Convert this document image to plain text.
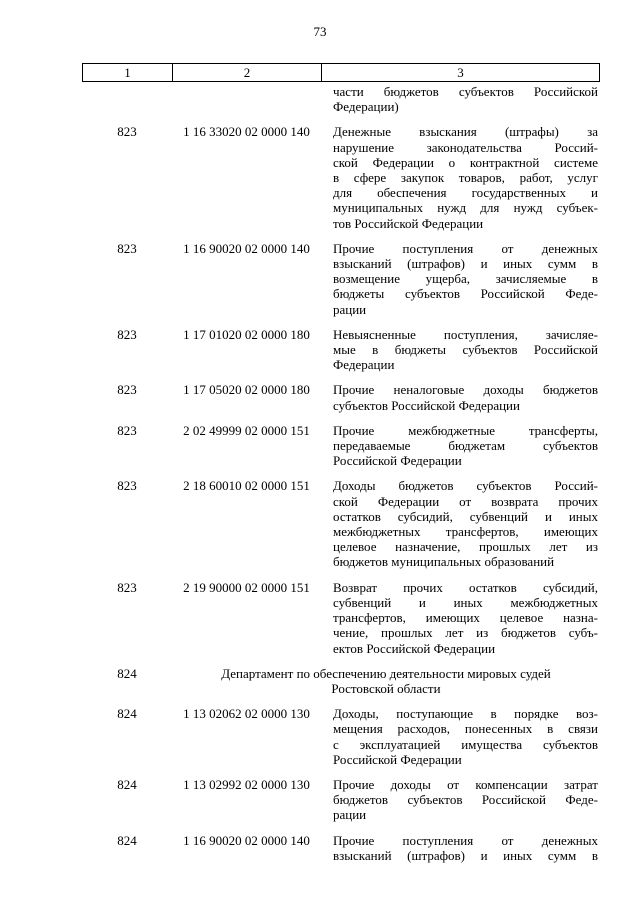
73
1	2	3
части бюджетов субъектов Российской
Федерации)
823	1 16 33020 02 0000 140	Денежные взыскания (штрафы) за
нарушение законодательства Россий-
ской Федерации о контрактной системе
в сфере закупок товаров, работ, услуг
для обеспечения государственных и
муниципальных нужд для нужд субъек-
тов Российской Федерации
823	1 16 90020 02 0000 140	Прочие поступления от денежных
взысканий (штрафов) и иных сумм в
возмещение ущерба, зачисляемые в
бюджеты субъектов Российской Феде-
рации
823	1 17 01020 02 0000 180	Невыясненные поступления, зачисляе-
мые в бюджеты субъектов Российской
Федерации
823	1 17 05020 02 0000 180	Прочие неналоговые доходы бюджетов
субъектов Российской Федерации
823	2 02 49999 02 0000 151	Прочие межбюджетные трансферты,
передаваемые бюджетам субъектов
Российской Федерации
823	2 18 60010 02 0000 151	Доходы бюджетов субъектов Россий-
ской Федерации от возврата прочих
остатков субсидий, субвенций и иных
межбюджетных трансфертов, имеющих
целевое назначение, прошлых лет из
бюджетов муниципальных образований
823	2 19 90000 02 0000 151	Возврат прочих остатков субсидий,
субвенций и иных межбюджетных
трансфертов, имеющих целевое назна-
чение, прошлых лет из бюджетов субъ-
ектов Российской Федерации
824	Департамент по обеспечению деятельности мировых судей
Ростовской области
824	1 13 02062 02 0000 130	Доходы, поступающие в порядке воз-
мещения расходов, понесенных в связи
с эксплуатацией имущества субъектов
Российской Федерации
824	1 13 02992 02 0000 130	Прочие доходы от компенсации затрат
бюджетов субъектов Российской Феде-
рации
824	1 16 90020 02 0000 140	Прочие поступления от денежных
взысканий (штрафов) и иных сумм в
